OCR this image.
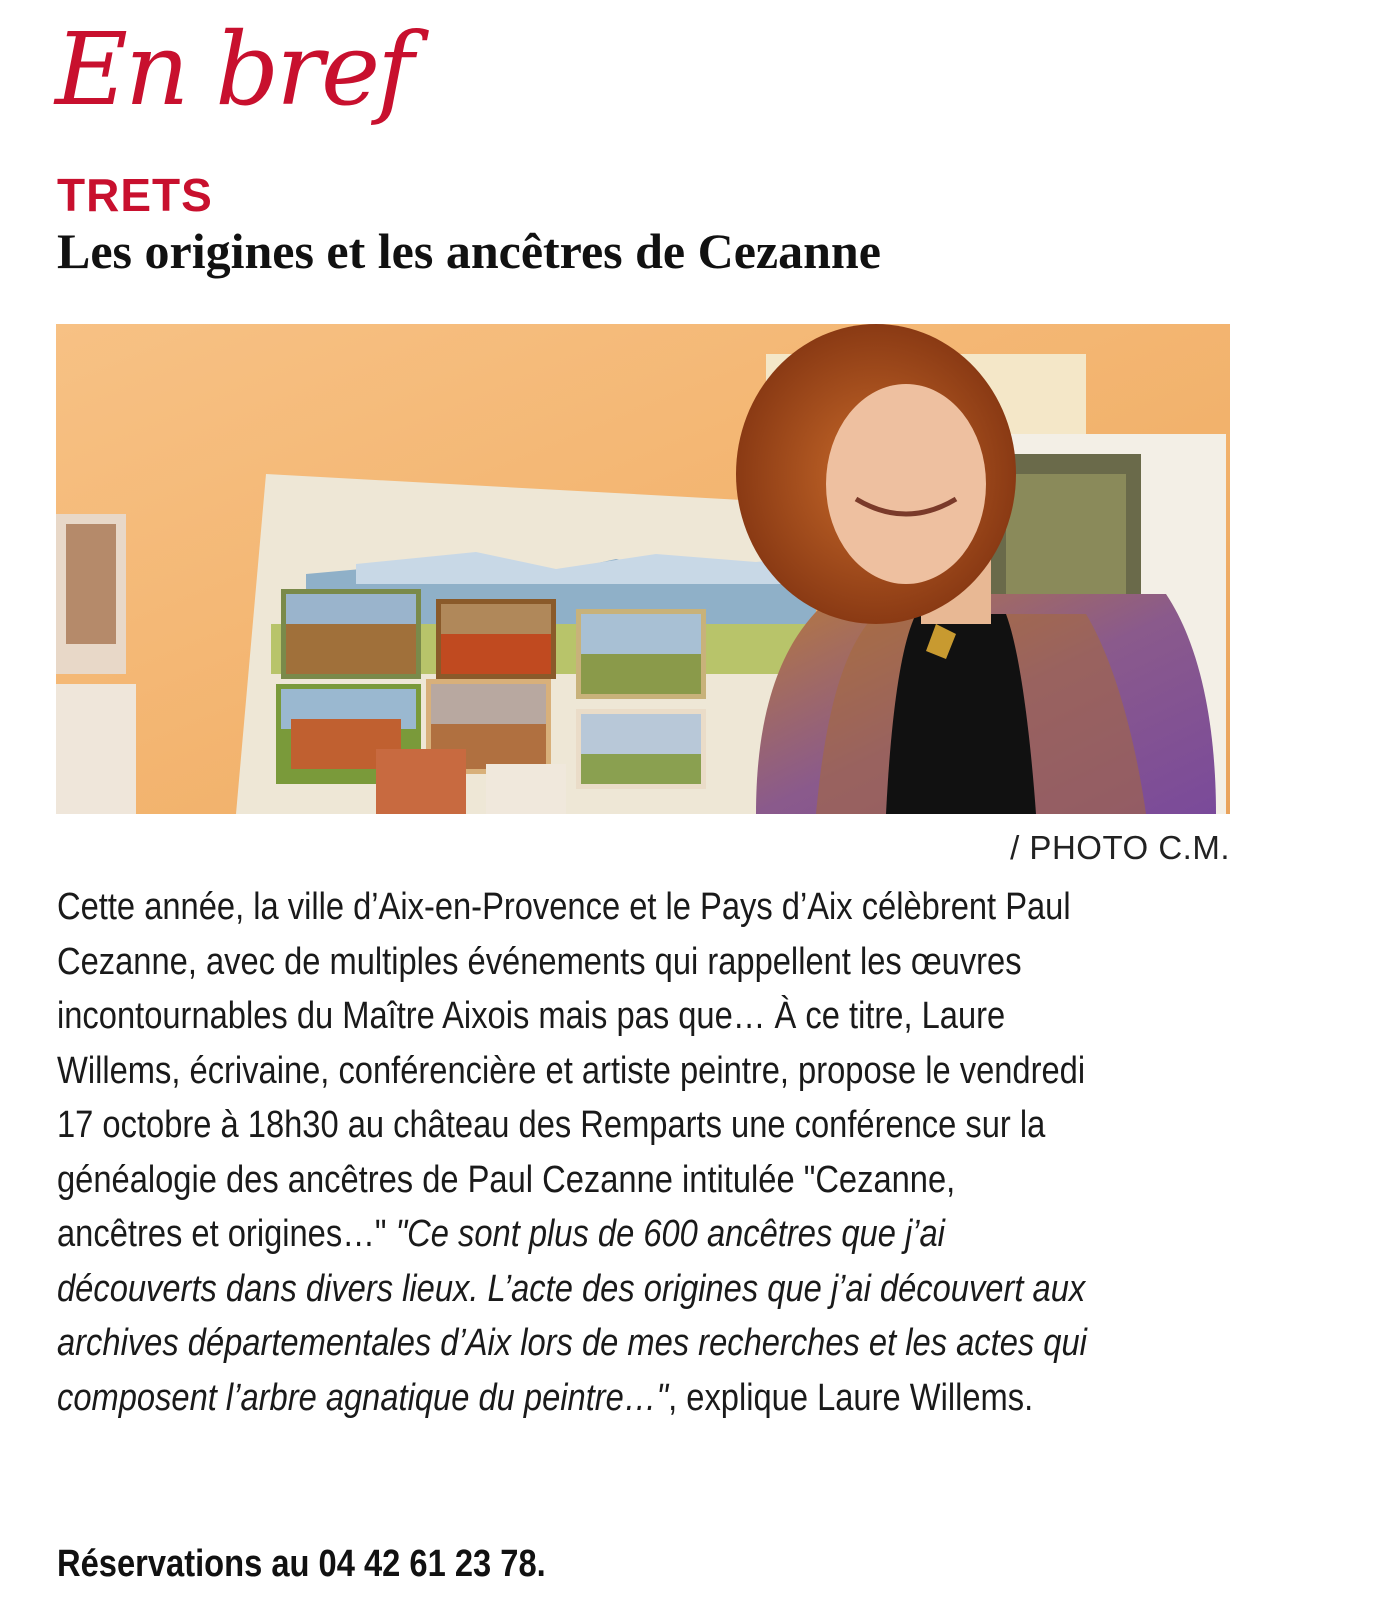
En bref
TRETS
Les origines et les ancêtres de Cezanne

/ PHOTO C.M.

Cette année, la ville d’Aix-en-Provence et le Pays d’Aix célèbrent Paul Cezanne, avec de multiples événements qui rappellent les œuvres incontournables du Maître Aixois mais pas que… À ce titre, Laure Willems, écrivaine, conférencière et artiste peintre, propose le vendredi 17 octobre à 18h30 au château des Remparts une conférence sur la généalogie des ancêtres de Paul Cezanne intitulée "Cezanne, ancêtres et origines…" "Ce sont plus de 600 ancêtres que j’ai découverts dans divers lieux. L’acte des origines que j’ai découvert aux archives départementales d’Aix lors de mes recherches et les actes qui composent l’arbre agnatique du peintre…", explique Laure Willems.

Réservations au 04 42 61 23 78.
